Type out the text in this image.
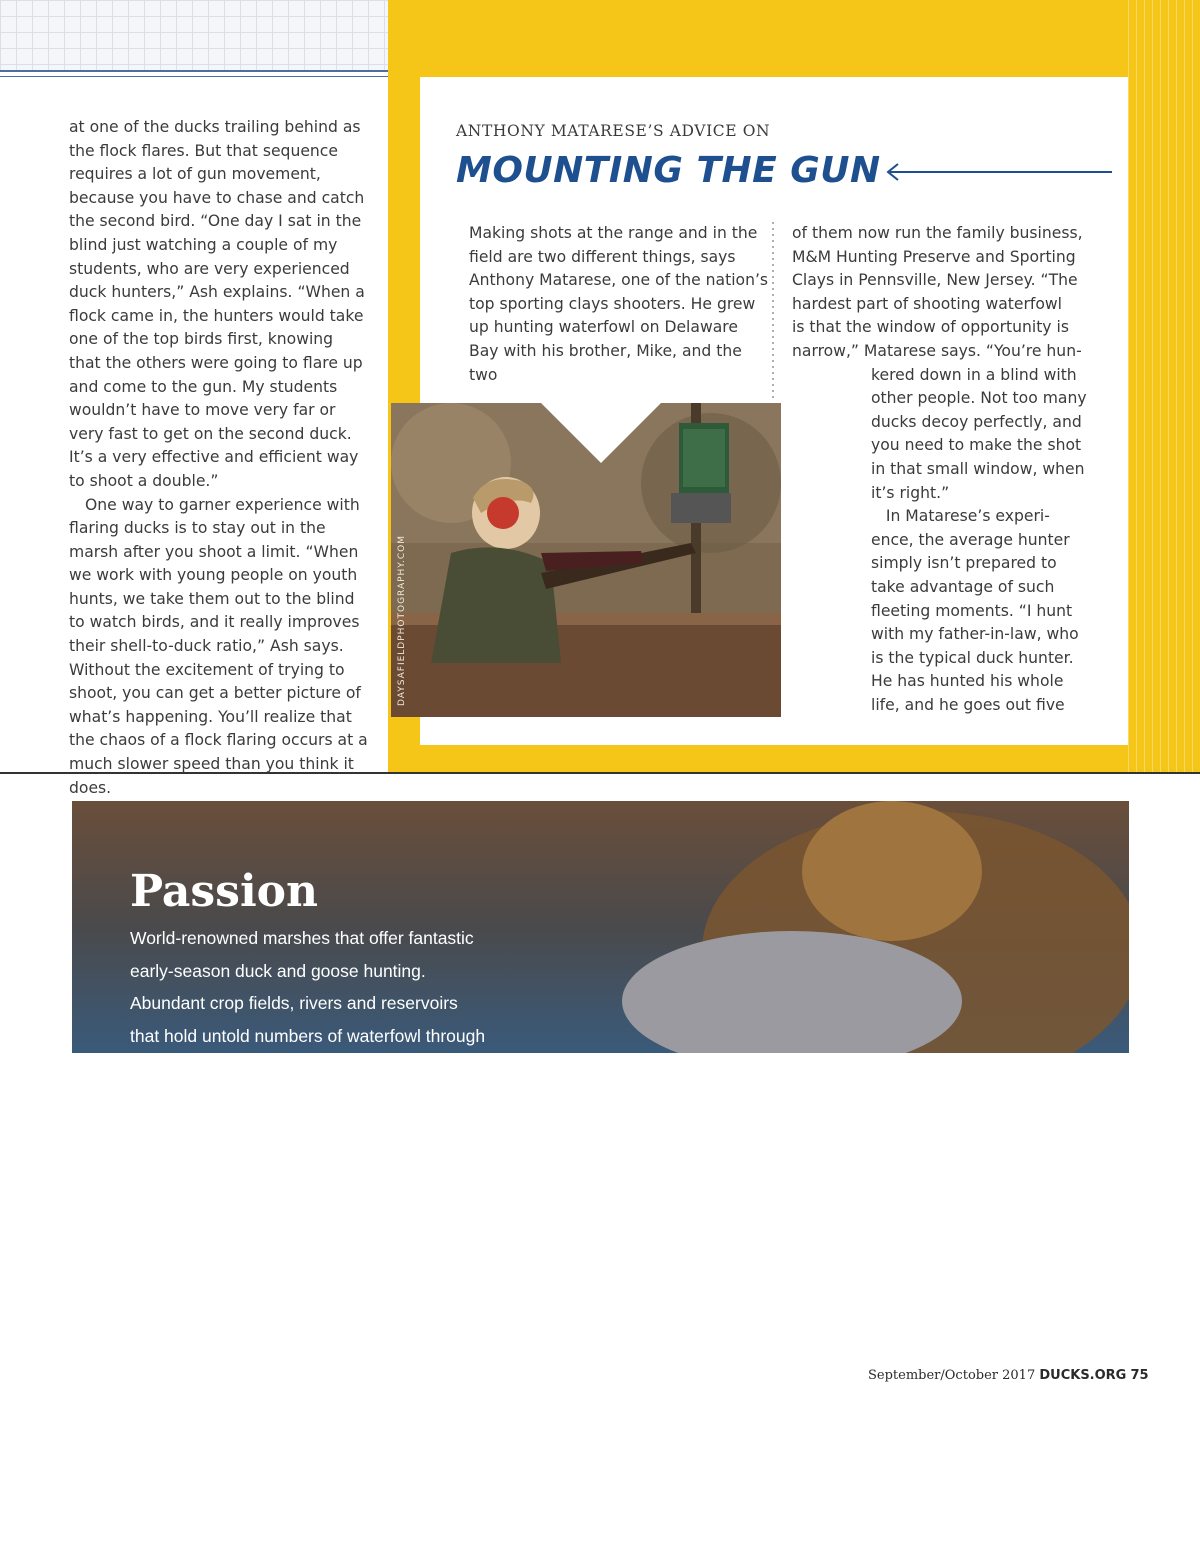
at one of the ducks trailing behind as the flock flares. But that sequence requires a lot of gun movement, because you have to chase and catch the second bird. “One day I sat in the blind just watching a couple of my students, who are very experienced duck hunters,” Ash explains. “When a flock came in, the hunters would take one of the top birds first, knowing that the others were going to flare up and come to the gun. My students wouldn’t have to move very far or very fast to get on the second duck. It’s a very effective and efficient way to shoot a double.”

One way to garner experience with flaring ducks is to stay out in the marsh after you shoot a limit. “When we work with young people on youth hunts, we take them out to the blind to watch birds, and it really improves their shell-to-duck ratio,” Ash says. Without the excitement of trying to shoot, you can get a better picture of what’s happening. You’ll realize that the chaos of a flock flaring occurs at a much slower speed than you think it does.

ANTHONY MATARESE’S ADVICE ON
MOUNTING THE GUN
Making shots at the range and in the field are two different things, says Anthony Matarese, one of the nation’s top sporting clays shooters. He grew up hunting waterfowl on Delaware Bay with his brother, Mike, and the two
of them now run the family business,
M&M Hunting Preserve and Sporting
Clays in Pennsville, New Jersey. “The
hardest part of shooting waterfowl
is that the window of opportunity is
narrow,” Matarese says. “You’re hun-
kered down in a blind with
other people. Not too many
ducks decoy perfectly, and
you need to make the shot
in that small window, when
it’s right.”
In Matarese’s experi-
ence, the average hunter
simply isn’t prepared to
take advantage of such
fleeting moments. “I hunt
with my father-in-law, who
is the typical duck hunter.
He has hunted his whole
life, and he goes out five
DAYSAFIELDPHOTOGRAPHY.COM
Passion
World-renowned marshes that offer fantastic early-season duck and goose hunting. Abundant crop fields, rivers and reservoirs that hold untold numbers of waterfowl through mid-winter. There’s no place like Kansas to watch the sunrise from a duck blind.
September/October 2017 DUCKS.ORG 75
